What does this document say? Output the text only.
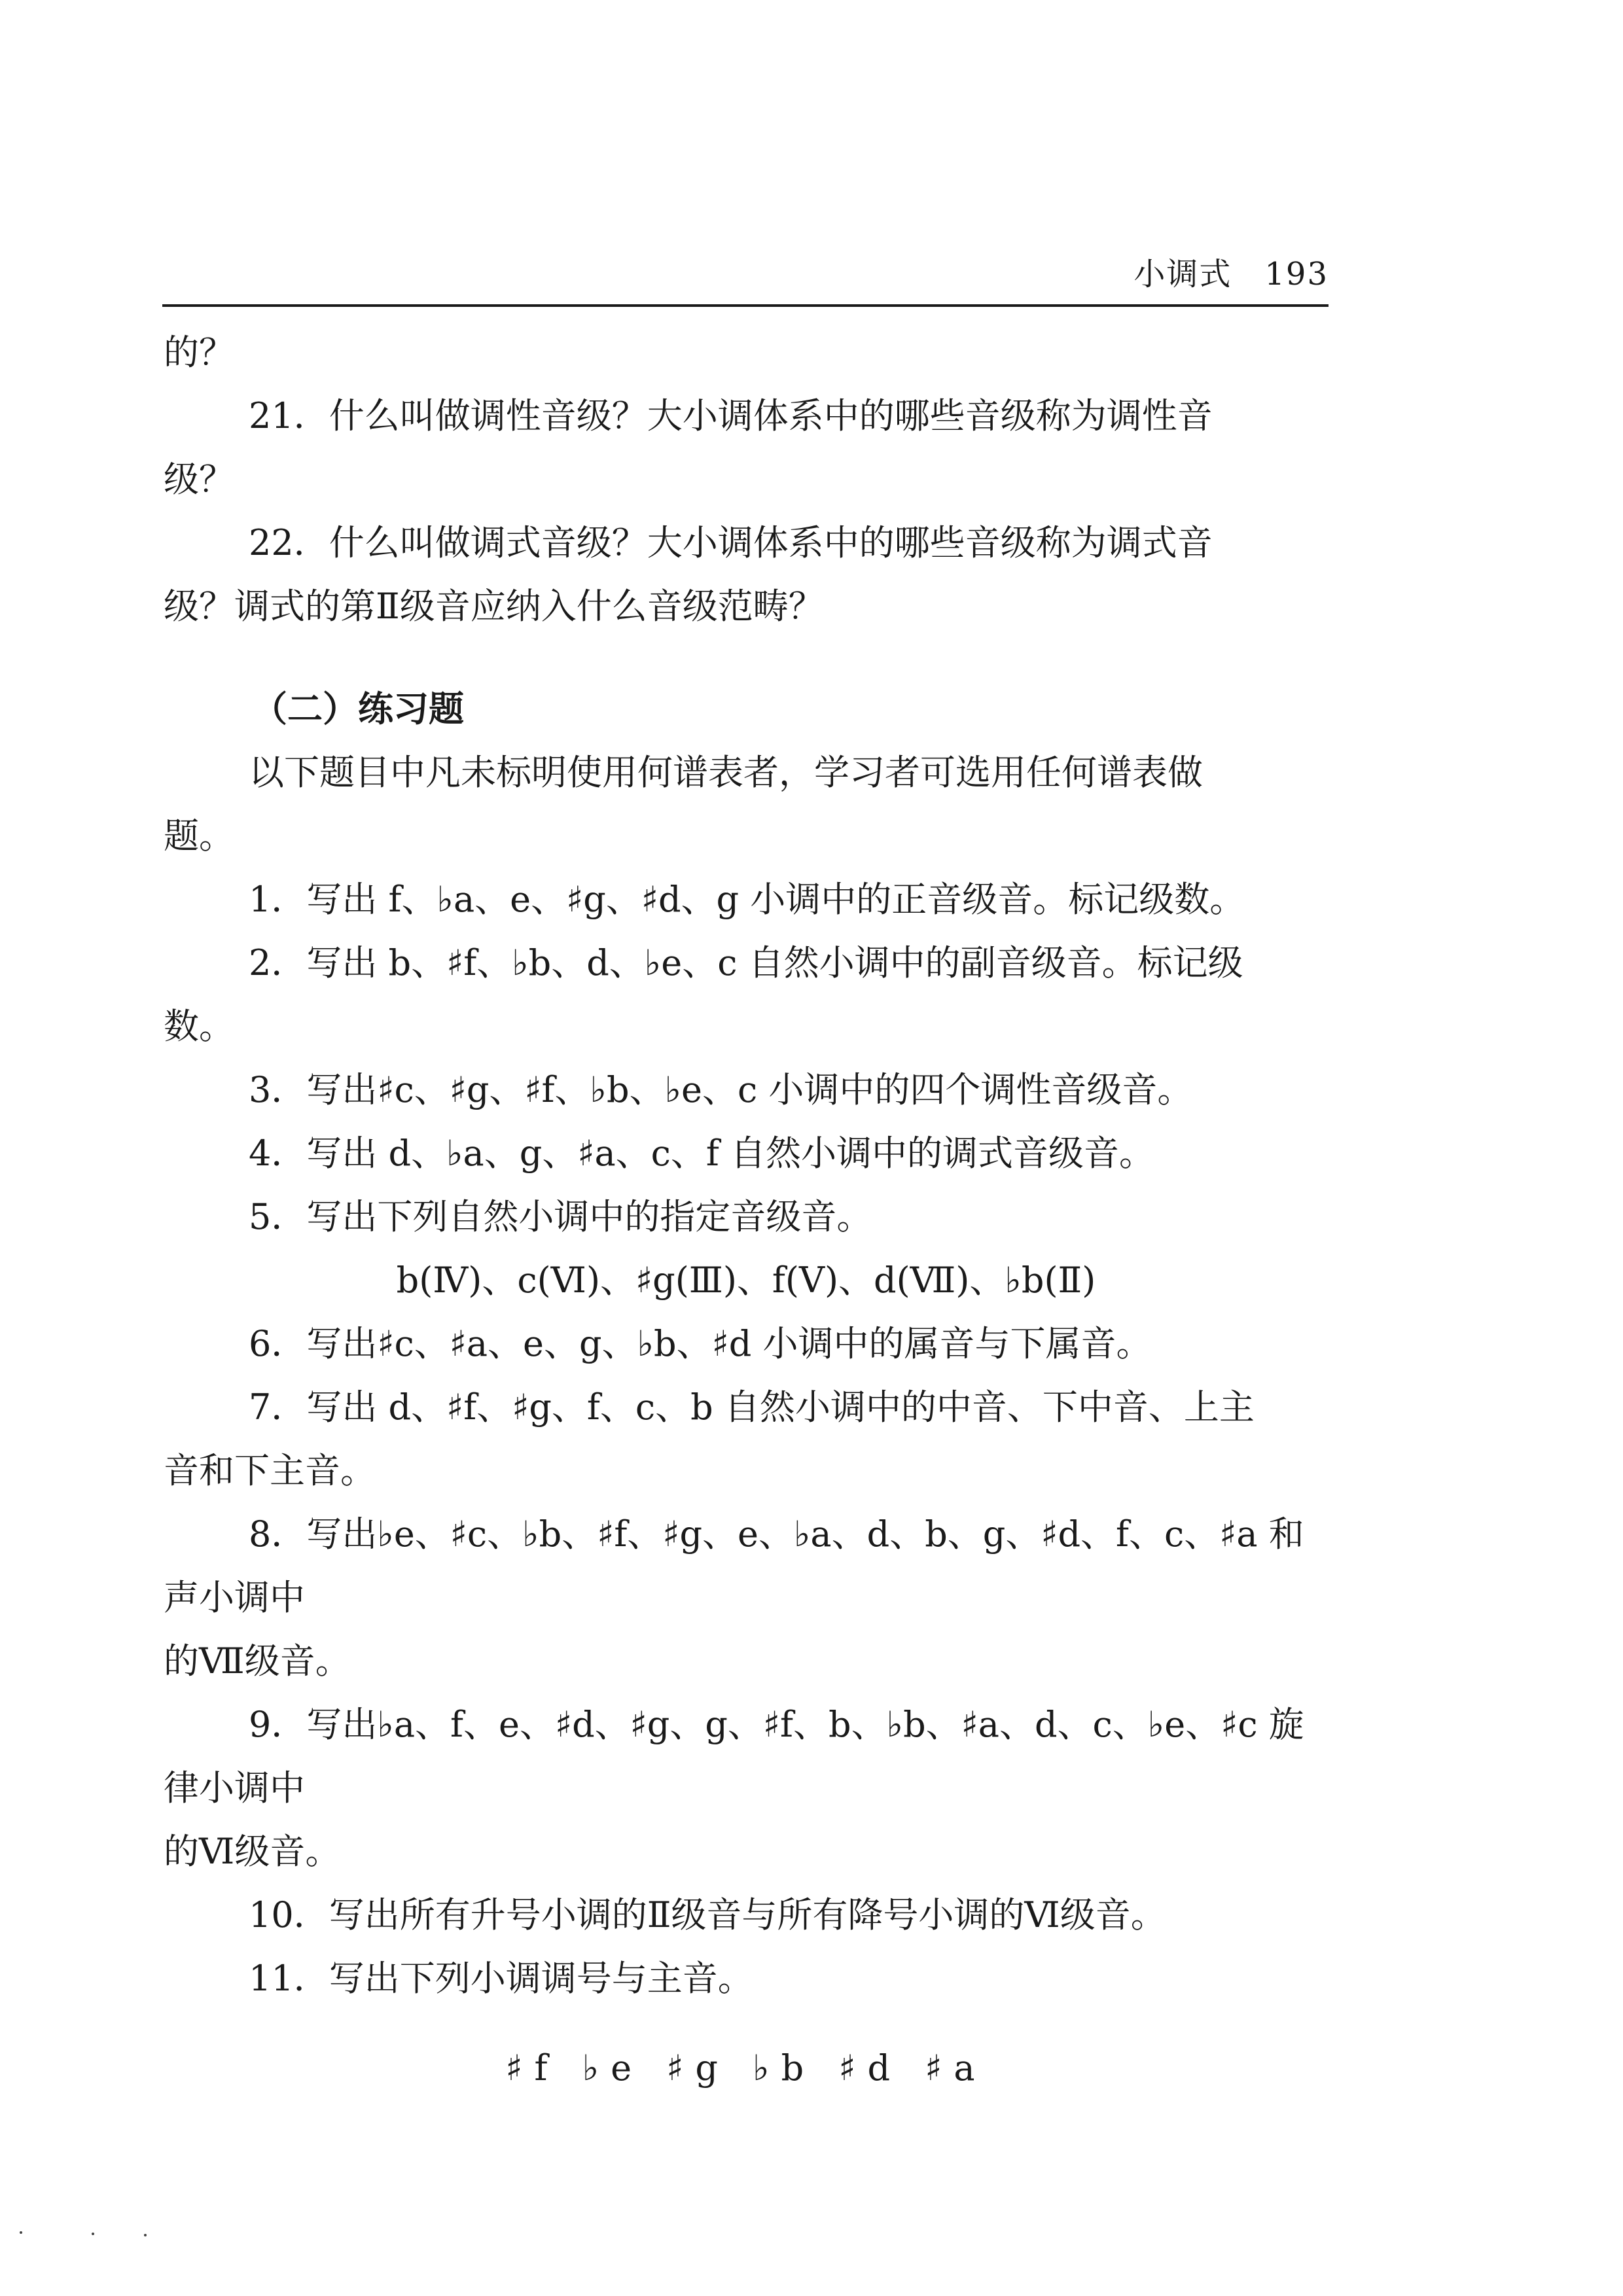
小调式 193

的？

21．什么叫做调性音级？大小调体系中的哪些音级称为调性音

级？

22．什么叫做调式音级？大小调体系中的哪些音级称为调式音

级？调式的第Ⅱ级音应纳入什么音级范畴？

（二）练习题

以下题目中凡未标明使用何谱表者，学习者可选用任何谱表做

题。

1．写出 f、♭a、e、♯g、♯d、g 小调中的正音级音。标记级数。

2．写出 b、♯f、♭b、d、♭e、c 自然小调中的副音级音。标记级

数。

3．写出♯c、♯g、♯f、♭b、♭e、c 小调中的四个调性音级音。

4．写出 d、♭a、g、♯a、c、f 自然小调中的调式音级音。

5．写出下列自然小调中的指定音级音。

b(Ⅳ)、c(Ⅵ)、♯g(Ⅲ)、f(Ⅴ)、d(Ⅶ)、♭b(Ⅱ)

6．写出♯c、♯a、e、g、♭b、♯d 小调中的属音与下属音。

7．写出 d、♯f、♯g、f、c、b 自然小调中的中音、下中音、上主

音和下主音。

8．写出♭e、♯c、♭b、♯f、♯g、e、♭a、d、b、g、♯d、f、c、♯a 和声小调中

的Ⅶ级音。

9．写出♭a、f、e、♯d、♯g、g、♯f、b、♭b、♯a、d、c、♭e、♯c 旋律小调中

的Ⅵ级音。

10．写出所有升号小调的Ⅱ级音与所有降号小调的Ⅵ级音。

11．写出下列小调调号与主音。

♯f ♭e ♯g ♭b ♯d ♯a
